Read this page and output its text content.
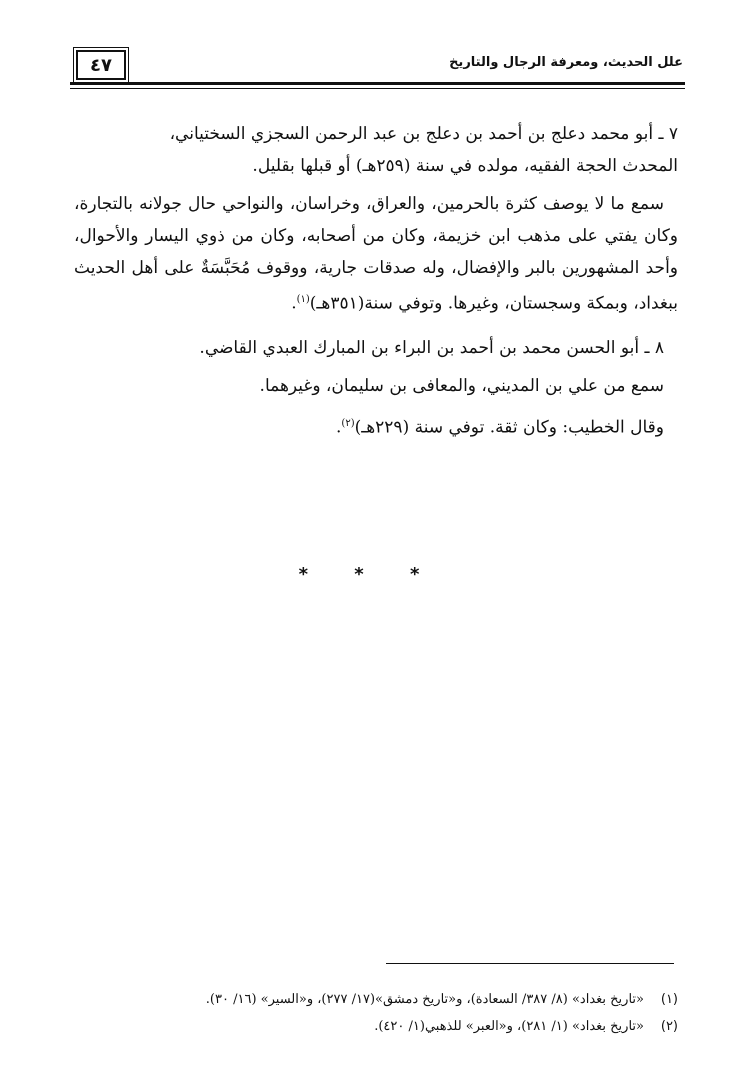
٤٧	علل الحديث، ومعرفة الرجال والتاريخ

٧ ـ أبو محمد دعلج بن أحمد بن دعلج بن عبد الرحمن السجزي السختياني،
المحدث الحجة الفقيه، مولده في سنة (٢٥٩هـ) أو قبلها بقليل.

سمع ما لا يوصف كثرة بالحرمين، والعراق، وخراسان، والنواحي حال جولانه بالتجارة، وكان يفتي على مذهب ابن خزيمة، وكان من أصحابه، وكان من ذوي اليسار والأحوال، وأحد المشهورين بالبر والإفضال، وله صدقات جارية، ووقوف مُحَبَّسَةٌ على أهل الحديث ببغداد، وبمكة وسجستان، وغيرها. وتوفي سنة(٣٥١هـ)$^{(١)}$.

٨ ـ أبو الحسن محمد بن أحمد بن البراء بن المبارك العبدي القاضي.

سمع من علي بن المديني، والمعافى بن سليمان، وغيرهما.

وقال الخطيب: وكان ثقة. توفي سنة (٢٢٩هـ)$^{(٢)}$.

* * *
(١)
«تاريخ بغداد» (٨/ ٣٨٧/ السعادة)، و«تاريخ دمشق»(١٧/ ٢٧٧)، و«السير» (١٦/ ٣٠).
(٢)
«تاريخ بغداد» (١/ ٢٨١)، و«العبر» للذهبي(١/ ٤٢٠).
